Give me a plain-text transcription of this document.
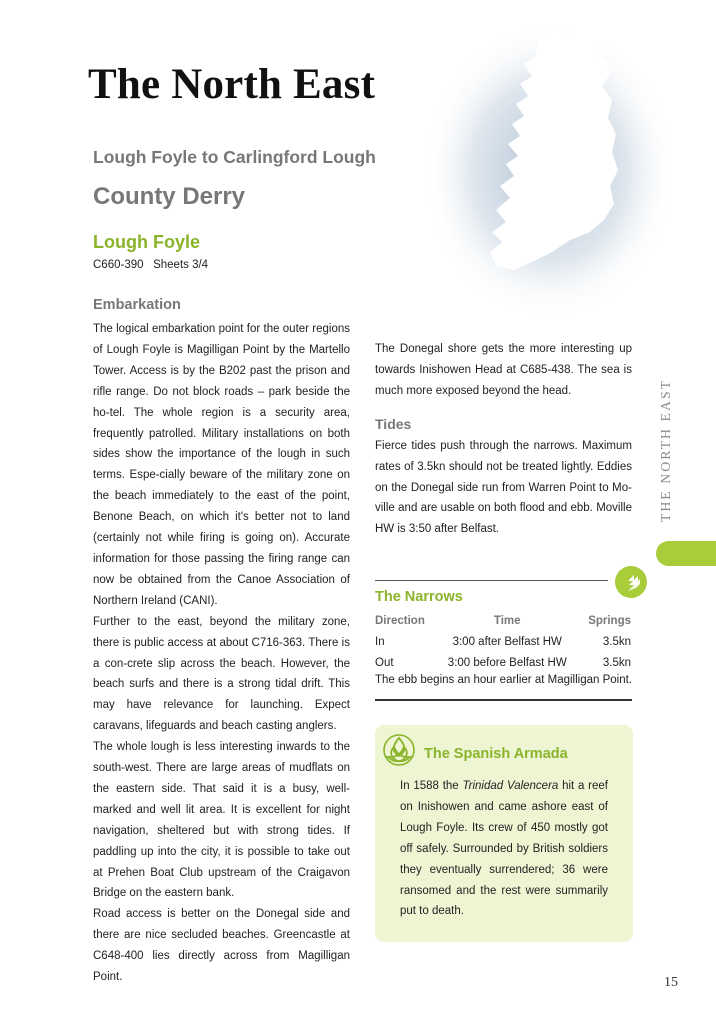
The North East
Lough Foyle to Carlingford Lough
County Derry
Lough Foyle
C660-390   Sheets 3/4
Embarkation

The logical embarkation point for the outer regions of Lough Foyle is Magilligan Point by the Martello Tower. Access is by the B202 past the prison and rifle range. Do not block roads – park beside the ho-tel. The whole region is a security area, frequently patrolled. Military installations on both sides show the importance of the lough in such terms. Espe-cially beware of the military zone on the beach immediately to the east of the point, Benone Beach, on which it's better not to land (certainly not while firing is going on). Accurate information for those passing the firing range can now be obtained from the Canoe Association of Northern Ireland (CANI).

Further to the east, beyond the military zone, there is public access at about C716-363. There is a con-crete slip across the beach. However, the beach surfs and there is a strong tidal drift. This may have relevance for launching. Expect caravans, lifeguards and beach casting anglers.

The whole lough is less interesting inwards to the south-west. There are large areas of mudflats on the eastern side. That said it is a busy, well-marked and well lit area. It is excellent for night navigation, sheltered but with strong tides. If paddling up into the city, it is possible to take out at Prehen Boat Club upstream of the Craigavon Bridge on the eastern bank.

Road access is better on the Donegal side and there are nice secluded beaches. Greencastle at C648-400 lies directly across from Magilligan Point.

The Donegal shore gets the more interesting up towards Inishowen Head at C685-438. The sea is much more exposed beyond the head.

Tides

Fierce tides push through the narrows. Maximum rates of 3.5kn should not be treated lightly. Eddies on the Donegal side run from Warren Point to Mo-ville and are usable on both flood and ebb. Moville HW is 3:50 after Belfast.

The Narrows
Direction	Time	Springs
In	3:00 after Belfast HW	3.5kn
Out	3:00 before Belfast HW	3.5kn
The ebb begins an hour earlier at Magilligan Point.
The Spanish Armada
In 1588 the Trinidad Valencera hit a reef on Inishowen and came ashore east of Lough Foyle. Its crew of 450 mostly got off safely. Surrounded by British soldiers they eventually surrendered; 36 were ransomed and the rest were summarily put to death.
THE NORTH EAST
15
